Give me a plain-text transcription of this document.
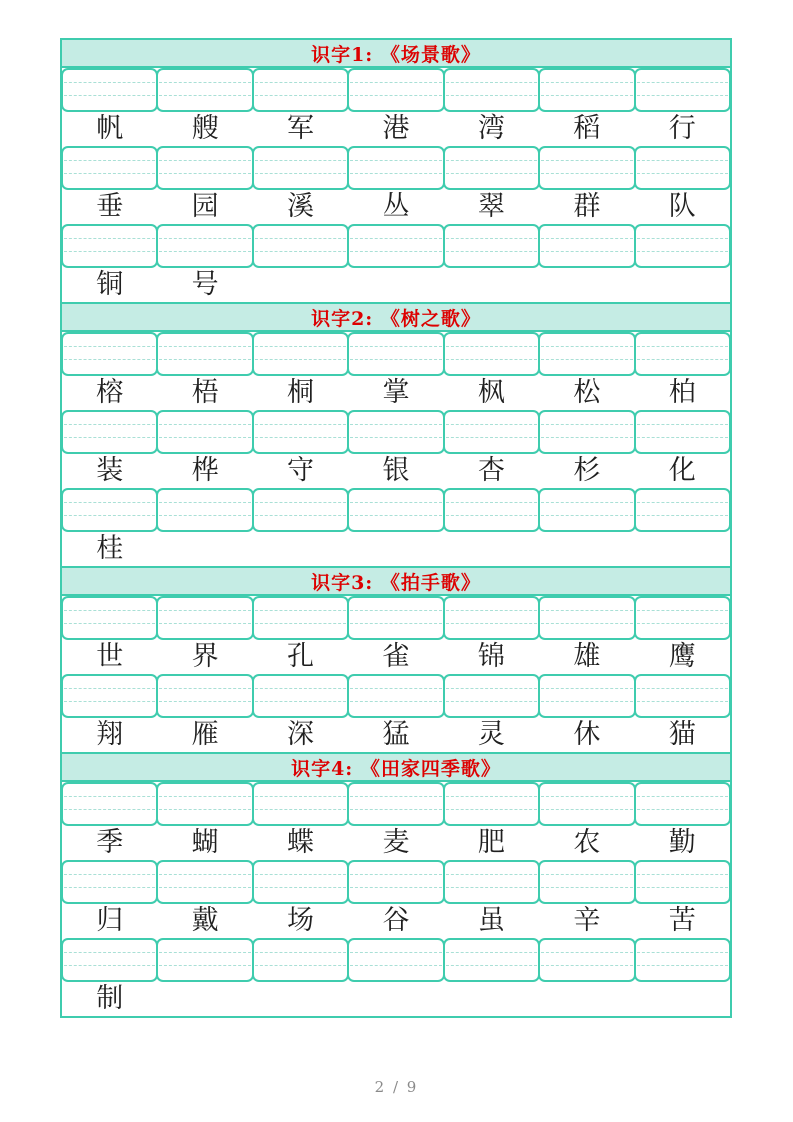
识字1: 《场景歌》
帆	艘	军	港	湾	稻	行
垂	园	溪	丛	翠	群	队
铜	号
识字2: 《树之歌》
榕	梧	桐	掌	枫	松	柏
装	桦	守	银	杏	杉	化
桂
识字3: 《拍手歌》
世	界	孔	雀	锦	雄	鹰
翔	雁	深	猛	灵	休	猫
识字4: 《田家四季歌》
季	蝴	蝶	麦	肥	农	勤
归	戴	场	谷	虽	辛	苦
制
2 / 9
